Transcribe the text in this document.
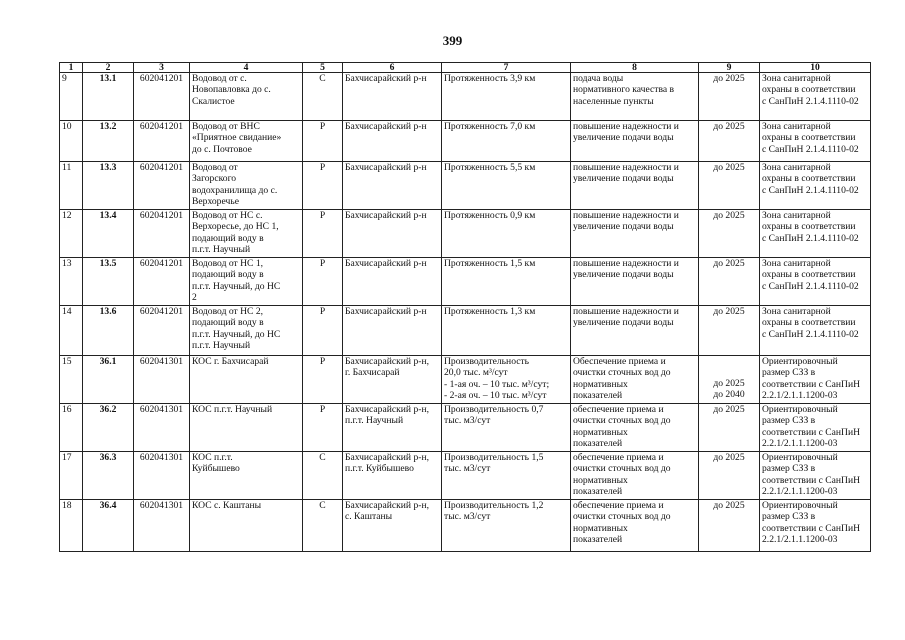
399
1	2	3	4	5	6	7	8	9	10
9	13.1	602041201	Водовод от с.
Новопавловка до с.
Скалистое	С	Бахчисарайский р-н	Протяженность 3,9 км	подача воды
нормативного качества в
населенные пункты	до 2025	Зона санитарной
охраны в соответствии
с СанПиН 2.1.4.1110-02

10	13.2	602041201	Водовод от ВНС
«Приятное свидание»
до с. Почтовое	Р	Бахчисарайский р-н	Протяженность 7,0 км	повышение надежности и
увеличение подачи воды	до 2025	Зона санитарной
охраны в соответствии
с СанПиН 2.1.4.1110-02

11	13.3	602041201	Водовод от
Загорского
водохранилища до с.
Верхоречье	Р	Бахчисарайский р-н	Протяженность 5,5 км	повышение надежности и
увеличение подачи воды	до 2025	Зона санитарной
охраны в соответствии
с СанПиН 2.1.4.1110-02

12	13.4	602041201	Водовод от НС с.
Верхоресье, до НС 1,
подающий воду в
п.г.т. Научный	Р	Бахчисарайский р-н	Протяженность 0,9 км	повышение надежности и
увеличение подачи воды	до 2025	Зона санитарной
охраны в соответствии
с СанПиН 2.1.4.1110-02

13	13.5	602041201	Водовод от НС 1,
подающий воду в
п.г.т. Научный, до НС
2	Р	Бахчисарайский р-н	Протяженность 1,5 км	повышение надежности и
увеличение подачи воды	до 2025	Зона санитарной
охраны в соответствии
с СанПиН 2.1.4.1110-02

14	13.6	602041201	Водовод от НС 2,
подающий воду в
п.г.т. Научный, до НС
п.г.т. Научный	Р	Бахчисарайский р-н	Протяженность 1,3 км	повышение надежности и
увеличение подачи воды	до 2025	Зона санитарной
охраны в соответствии
с СанПиН 2.1.4.1110-02

15	36.1	602041301	КОС г. Бахчисарай	Р	Бахчисарайский р-н,
г. Бахчисарай	Производительность
20,0 тыс. м³/сут
- 1-ая оч. – 10 тыс. м³/сут;
- 2-ая оч. – 10 тыс. м³/сут	Обеспечение приема и
очистки сточных вод до
нормативных
показателей	до 2025
до 2040	Ориентировочный
размер СЗЗ в
соответствии с СанПиН
2.2.1/2.1.1.1200-03

16	36.2	602041301	КОС п.г.т. Научный	Р	Бахчисарайский р-н,
п.г.т. Научный	Производительность 0,7
тыс. м3/сут	обеспечение приема и
очистки сточных вод до
нормативных
показателей	до 2025	Ориентировочный
размер СЗЗ в
соответствии с СанПиН
2.2.1/2.1.1.1200-03

17	36.3	602041301	КОС п.г.т.
Куйбышево	С	Бахчисарайский р-н,
п.г.т. Куйбышево	Производительность 1,5
тыс. м3/сут	обеспечение приема и
очистки сточных вод до
нормативных
показателей	до 2025	Ориентировочный
размер СЗЗ в
соответствии с СанПиН
2.2.1/2.1.1.1200-03

18	36.4	602041301	КОС с. Каштаны	С	Бахчисарайский р-н,
с. Каштаны	Производительность 1,2
тыс. м3/сут	обеспечение приема и
очистки сточных вод до
нормативных
показателей	до 2025	Ориентировочный
размер СЗЗ в
соответствии с СанПиН
2.2.1/2.1.1.1200-03
